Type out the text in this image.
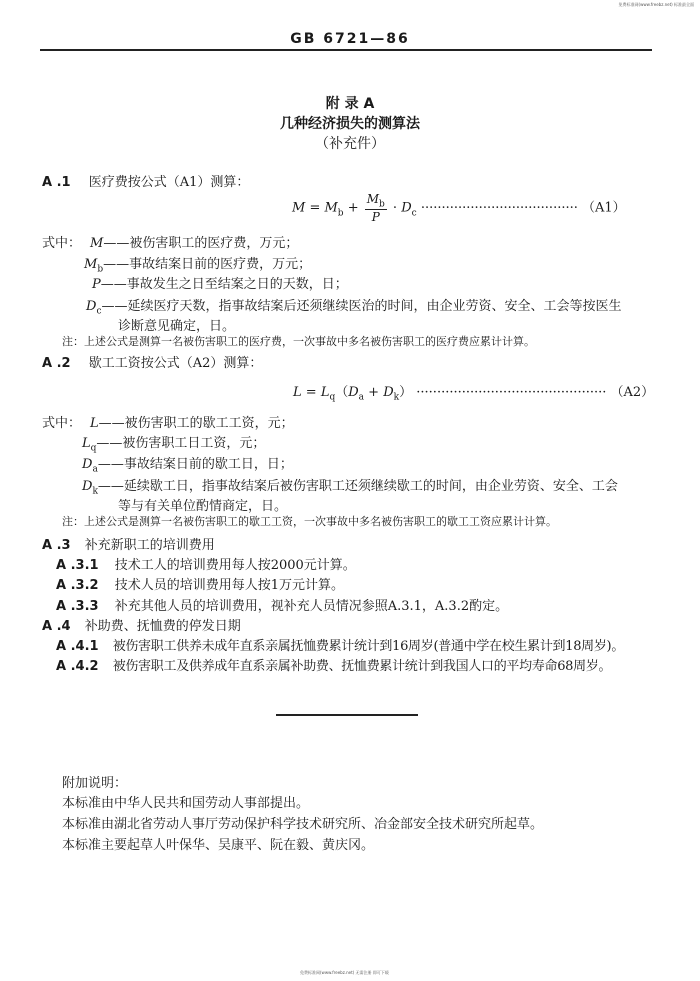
免费标准网(www.freebz.net) 标准最全面
GB 6721—86
附 录 A
几种经济损失的测算法
（补充件）
A .1 医疗费按公式（A1）测算：
$M = M_b + \frac{M_b}{P} \cdot D_c$ ······································ （A1）
式中： M——被伤害职工的医疗费，万元；
$M_b——$事故结案日前的医疗费，万元；
P——事故发生之日至结案之日的天数，日；
$D_c——$延续医疗天数，指事故结案后还须继续医治的时间，由企业劳资、安全、工会等按医生
诊断意见确定，日。
注：上述公式是测算一名被伤害职工的医疗费，一次事故中多名被伤害职工的医疗费应累计计算。
A .2 歇工工资按公式（A2）测算：
$L = L_q(D_a + D_k)$ ·············································· （A2）
式中： L——被伤害职工的歇工工资，元；
$L_q——$被伤害职工日工资，元；
$D_a——$事故结案日前的歇工日，日；
$D_k——$延续歇工日，指事故结案后被伤害职工还须继续歇工的时间，由企业劳资、安全、工会
等与有关单位酌情商定，日。
注：上述公式是测算一名被伤害职工的歇工工资，一次事故中多名被伤害职工的歇工工资应累计计算。
A .3 补充新职工的培训费用
A .3.1 技术工人的培训费用每人按2000元计算。
A .3.2 技术人员的培训费用每人按1万元计算。
A .3.3 补充其他人员的培训费用，视补充人员情况参照A.3.1，A.3.2酌定。
A .4 补助费、抚恤费的停发日期
A .4.1 被伤害职工供养未成年直系亲属抚恤费累计统计到16周岁(普通中学在校生累计到18周岁)。
A .4.2 被伤害职工及供养成年直系亲属补助费、抚恤费累计统计到我国人口的平均寿命68周岁。
附加说明：
本标准由中华人民共和国劳动人事部提出。
本标准由湖北省劳动人事厅劳动保护科学技术研究所、冶金部安全技术研究所起草。
本标准主要起草人叶保华、吴康平、阮在毅、黄庆冈。
免费标准网(www.freebz.net) 无需注册 即可下载
